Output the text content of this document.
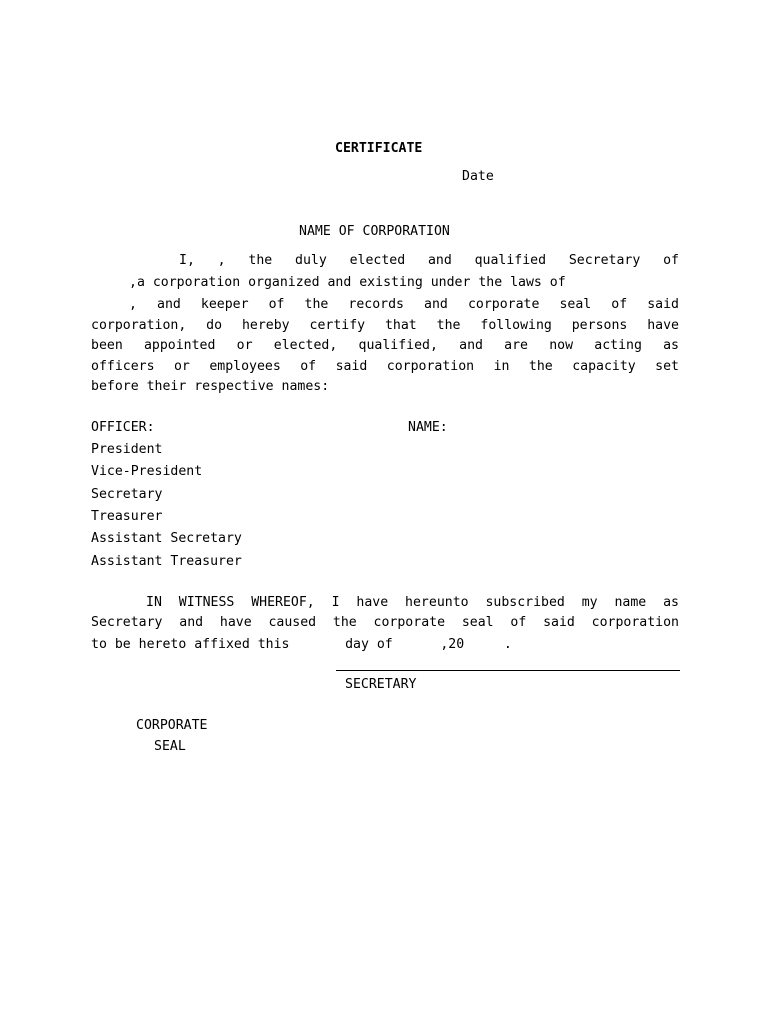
CERTIFICATE
Date
NAME OF CORPORATION
I, , the duly elected and qualified Secretary of
,a corporation organized and existing under the laws of
, and keeper of the records and corporate seal of said
corporation, do hereby certify that the following persons have
been appointed or elected, qualified, and are now acting as
officers or employees of said corporation in the capacity set
before their respective names:
OFFICER:	NAME:
President
Vice-President
Secretary
Treasurer
Assistant Secretary
Assistant Treasurer
IN WITNESS WHEREOF, I have hereunto subscribed my name as
Secretary and have caused the corporate seal of said corporation
to be hereto affixed this       day of      ,20     .
SECRETARY
CORPORATE
SEAL
